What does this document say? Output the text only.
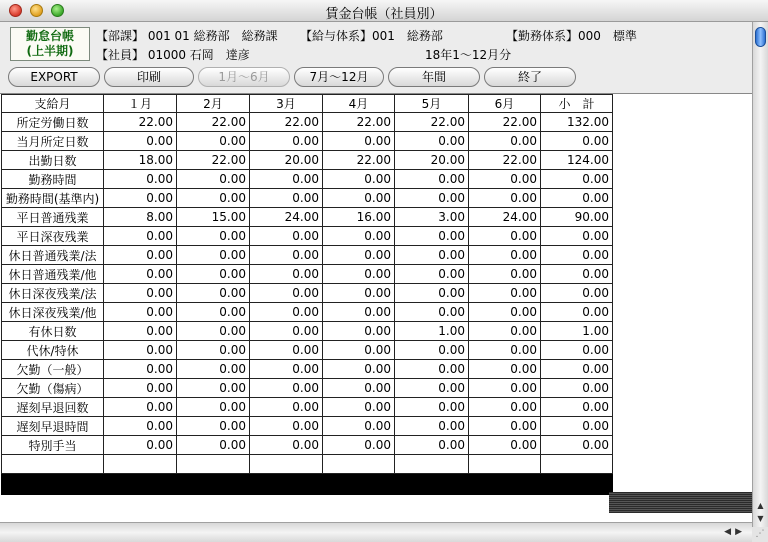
賃金台帳（社員別）
勤怠台帳
(上半期)
【部課】 001 01 総務部　総務課 【給与体系】001　総務部	【勤務体系】000　標準
【社員】 01000 石岡　達彦	18年1～12月分
EXPORT	印刷	1月～6月	7月～12月	年間	終了
支給月	１月	2月	3月	4月	5月	6月	小　計
所定労働日数	22.00	22.00	22.00	22.00	22.00	22.00	132.00
当月所定日数	0.00	0.00	0.00	0.00	0.00	0.00	0.00
出勤日数	18.00	22.00	20.00	22.00	20.00	22.00	124.00
勤務時間	0.00	0.00	0.00	0.00	0.00	0.00	0.00
勤務時間(基準内)	0.00	0.00	0.00	0.00	0.00	0.00	0.00
平日普通残業	8.00	15.00	24.00	16.00	3.00	24.00	90.00
平日深夜残業	0.00	0.00	0.00	0.00	0.00	0.00	0.00
休日普通残業/法	0.00	0.00	0.00	0.00	0.00	0.00	0.00
休日普通残業/他	0.00	0.00	0.00	0.00	0.00	0.00	0.00
休日深夜残業/法	0.00	0.00	0.00	0.00	0.00	0.00	0.00
休日深夜残業/他	0.00	0.00	0.00	0.00	0.00	0.00	0.00
有休日数	0.00	0.00	0.00	0.00	1.00	0.00	1.00
代休/特休	0.00	0.00	0.00	0.00	0.00	0.00	0.00
欠勤（一般）	0.00	0.00	0.00	0.00	0.00	0.00	0.00
欠勤（傷病）	0.00	0.00	0.00	0.00	0.00	0.00	0.00
遅刻早退回数	0.00	0.00	0.00	0.00	0.00	0.00	0.00
遅刻早退時間	0.00	0.00	0.00	0.00	0.00	0.00	0.00
特別手当	0.00	0.00	0.00	0.00	0.00	0.00	0.00

▲
▼
◀▶	⋰
